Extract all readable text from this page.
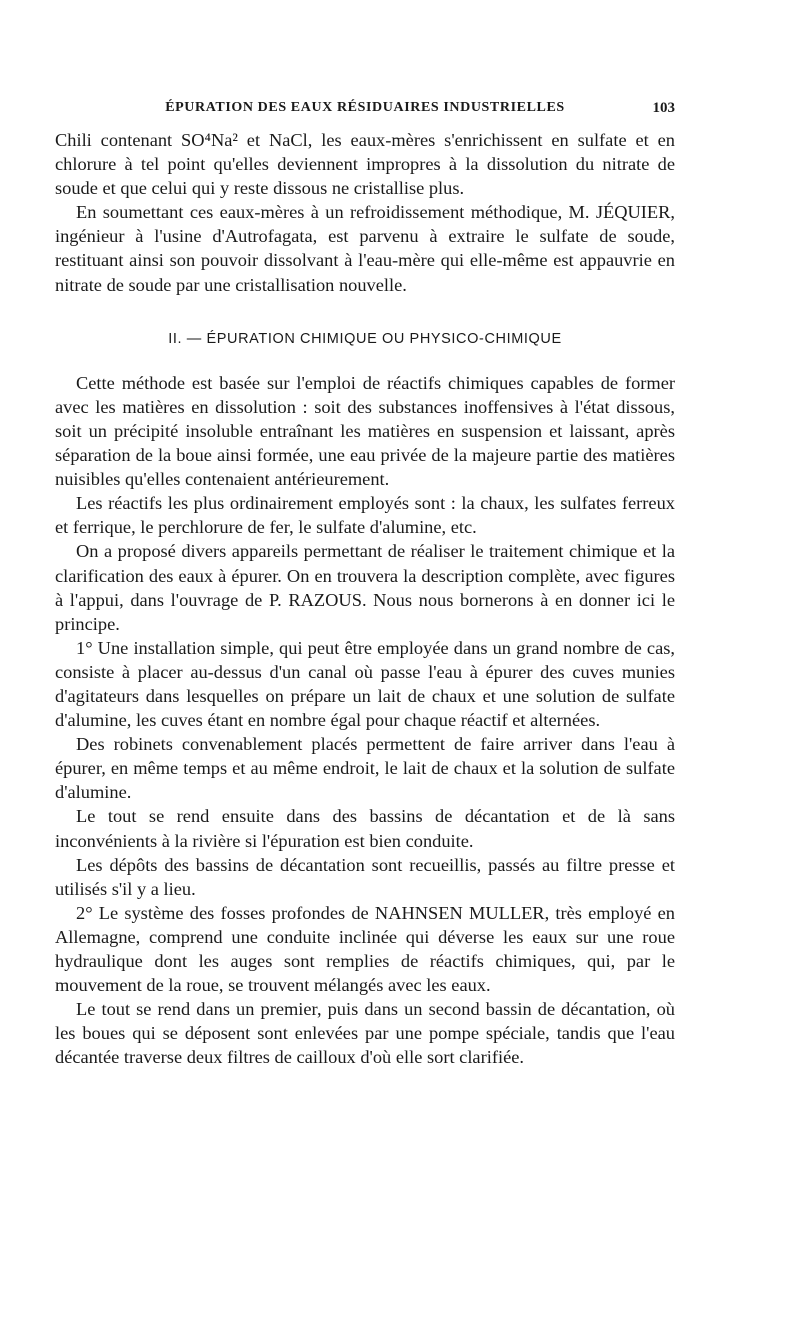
ÉPURATION DES EAUX RÉSIDUAIRES INDUSTRIELLES	103

Chili contenant SO⁴Na² et NaCl, les eaux-mères s'enrichissent en sulfate et en chlorure à tel point qu'elles deviennent impropres à la dissolution du nitrate de soude et que celui qui y reste dissous ne cristallise plus.

En soumettant ces eaux-mères à un refroidissement méthodique, M. JÉQUIER, ingénieur à l'usine d'Autrofagata, est parvenu à extraire le sulfate de soude, restituant ainsi son pouvoir dissolvant à l'eau-mère qui elle-même est appauvrie en nitrate de soude par une cristallisation nouvelle.

II. — ÉPURATION CHIMIQUE OU PHYSICO-CHIMIQUE

Cette méthode est basée sur l'emploi de réactifs chimiques capables de former avec les matières en dissolution : soit des substances inoffensives à l'état dissous, soit un précipité insoluble entraînant les matières en suspension et laissant, après séparation de la boue ainsi formée, une eau privée de la majeure partie des matières nuisibles qu'elles contenaient antérieurement.

Les réactifs les plus ordinairement employés sont : la chaux, les sulfates ferreux et ferrique, le perchlorure de fer, le sulfate d'alumine, etc.

On a proposé divers appareils permettant de réaliser le traitement chimique et la clarification des eaux à épurer. On en trouvera la description complète, avec figures à l'appui, dans l'ouvrage de P. RAZOUS. Nous nous bornerons à en donner ici le principe.

1° Une installation simple, qui peut être employée dans un grand nombre de cas, consiste à placer au-dessus d'un canal où passe l'eau à épurer des cuves munies d'agitateurs dans lesquelles on prépare un lait de chaux et une solution de sulfate d'alumine, les cuves étant en nombre égal pour chaque réactif et alternées.

Des robinets convenablement placés permettent de faire arriver dans l'eau à épurer, en même temps et au même endroit, le lait de chaux et la solution de sulfate d'alumine.

Le tout se rend ensuite dans des bassins de décantation et de là sans inconvénients à la rivière si l'épuration est bien conduite.

Les dépôts des bassins de décantation sont recueillis, passés au filtre presse et utilisés s'il y a lieu.

2° Le système des fosses profondes de NAHNSEN MULLER, très employé en Allemagne, comprend une conduite inclinée qui déverse les eaux sur une roue hydraulique dont les auges sont remplies de réactifs chimiques, qui, par le mouvement de la roue, se trouvent mélangés avec les eaux.

Le tout se rend dans un premier, puis dans un second bassin de décantation, où les boues qui se déposent sont enlevées par une pompe spéciale, tandis que l'eau décantée traverse deux filtres de cailloux d'où elle sort clarifiée.
